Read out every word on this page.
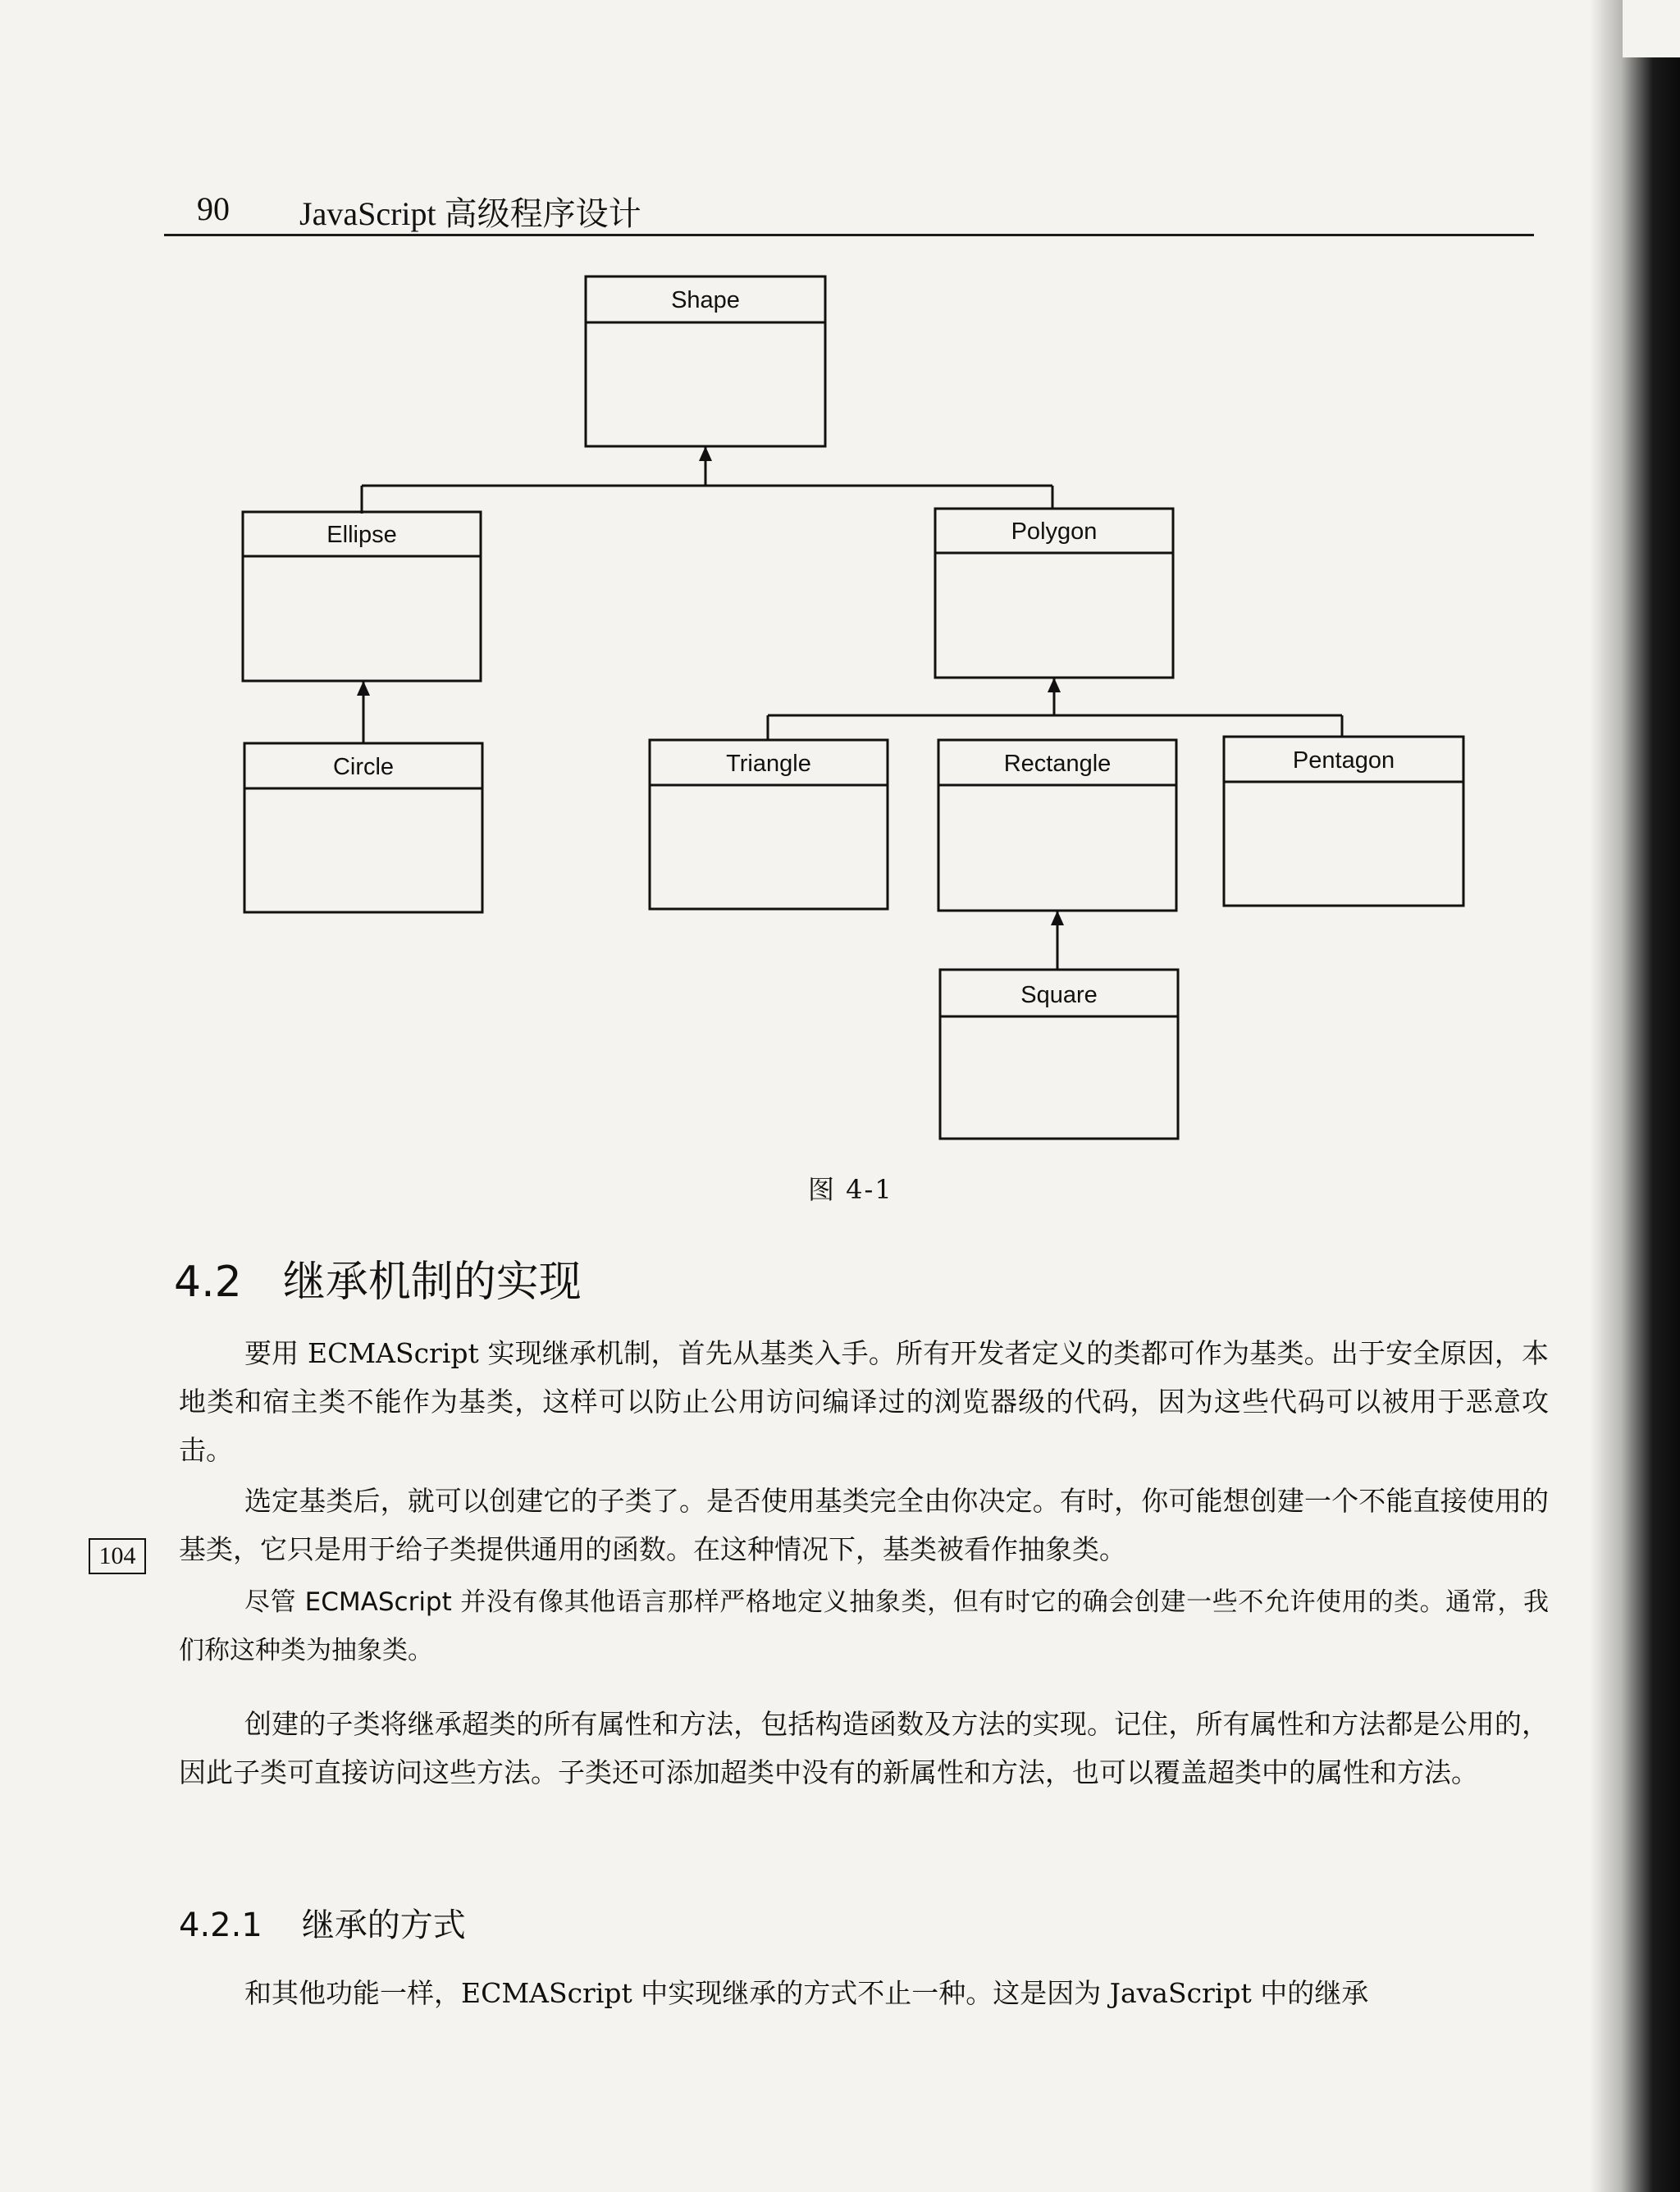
90 JavaScript 高级程序设计
Shape
Ellipse	Polygon
Circle	Triangle	Rectangle	Pentagon
Square
图 4-1
4.2 继承机制的实现

要用 ECMAScript 实现继承机制，首先从基类入手。所有开发者定义的类都可作为基类。出于安全原因，本地类和宿主类不能作为基类，这样可以防止公用访问编译过的浏览器级的代码，因为这些代码可以被用于恶意攻击。

选定基类后，就可以创建它的子类了。是否使用基类完全由你决定。有时，你可能想创建一个不能直接使用的基类，它只是用于给子类提供通用的函数。在这种情况下，基类被看作抽象类。

104

尽管 ECMAScript 并没有像其他语言那样严格地定义抽象类，但有时它的确会创建一些不允许使用的类。通常，我们称这种类为抽象类。

创建的子类将继承超类的所有属性和方法，包括构造函数及方法的实现。记住，所有属性和方法都是公用的，因此子类可直接访问这些方法。子类还可添加超类中没有的新属性和方法，也可以覆盖超类中的属性和方法。

4.2.1 继承的方式

和其他功能一样，ECMAScript 中实现继承的方式不止一种。这是因为 JavaScript 中的继承
